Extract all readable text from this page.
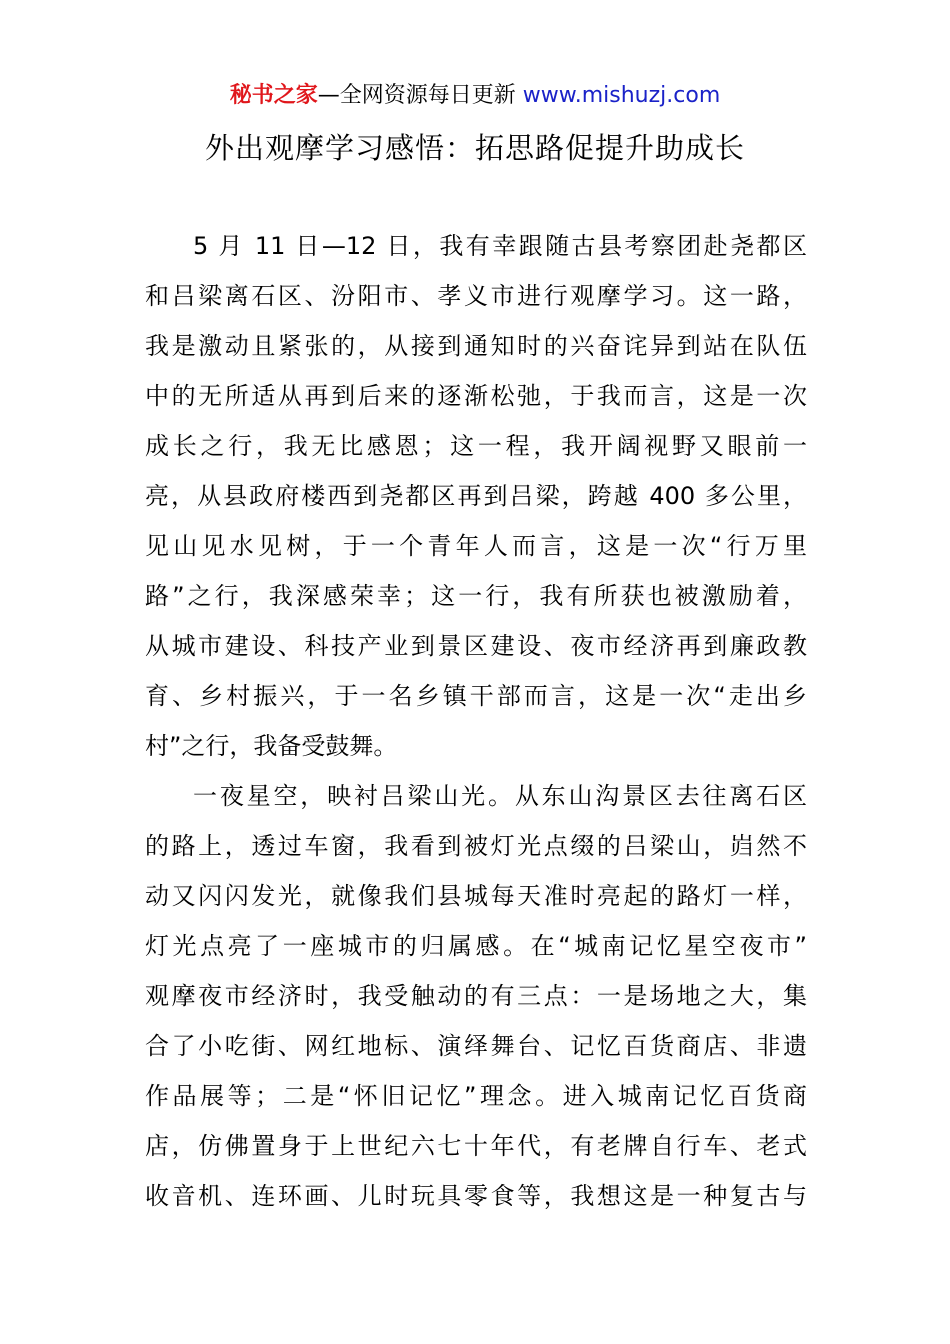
秘书之家—全网资源每日更新 www.mishuzj.com
外出观摩学习感悟：拓思路促提升助成长

5 月 11 日—12 日，我有幸跟随古县考察团赴尧都区
和吕梁离石区、汾阳市、孝义市进行观摩学习。这一路，
我是激动且紧张的，从接到通知时的兴奋诧异到站在队伍
中的无所适从再到后来的逐渐松弛，于我而言，这是一次
成长之行，我无比感恩；这一程，我开阔视野又眼前一
亮，从县政府楼西到尧都区再到吕梁，跨越 400 多公里，
见山见水见树，于一个青年人而言，这是一次“行万里
路”之行，我深感荣幸；这一行，我有所获也被激励着，
从城市建设、科技产业到景区建设、夜市经济再到廉政教
育、乡村振兴，于一名乡镇干部而言，这是一次“走出乡
村”之行，我备受鼓舞。

一夜星空，映衬吕梁山光。从东山沟景区去往离石区
的路上，透过车窗，我看到被灯光点缀的吕梁山，岿然不
动又闪闪发光，就像我们县城每天准时亮起的路灯一样，
灯光点亮了一座城市的归属感。在“城南记忆星空夜市”
观摩夜市经济时，我受触动的有三点：一是场地之大，集
合了小吃街、网红地标、演绎舞台、记忆百货商店、非遗
作品展等；二是“怀旧记忆”理念。进入城南记忆百货商
店，仿佛置身于上世纪六七十年代，有老牌自行车、老式
收音机、连环画、儿时玩具零食等，我想这是一种复古与
